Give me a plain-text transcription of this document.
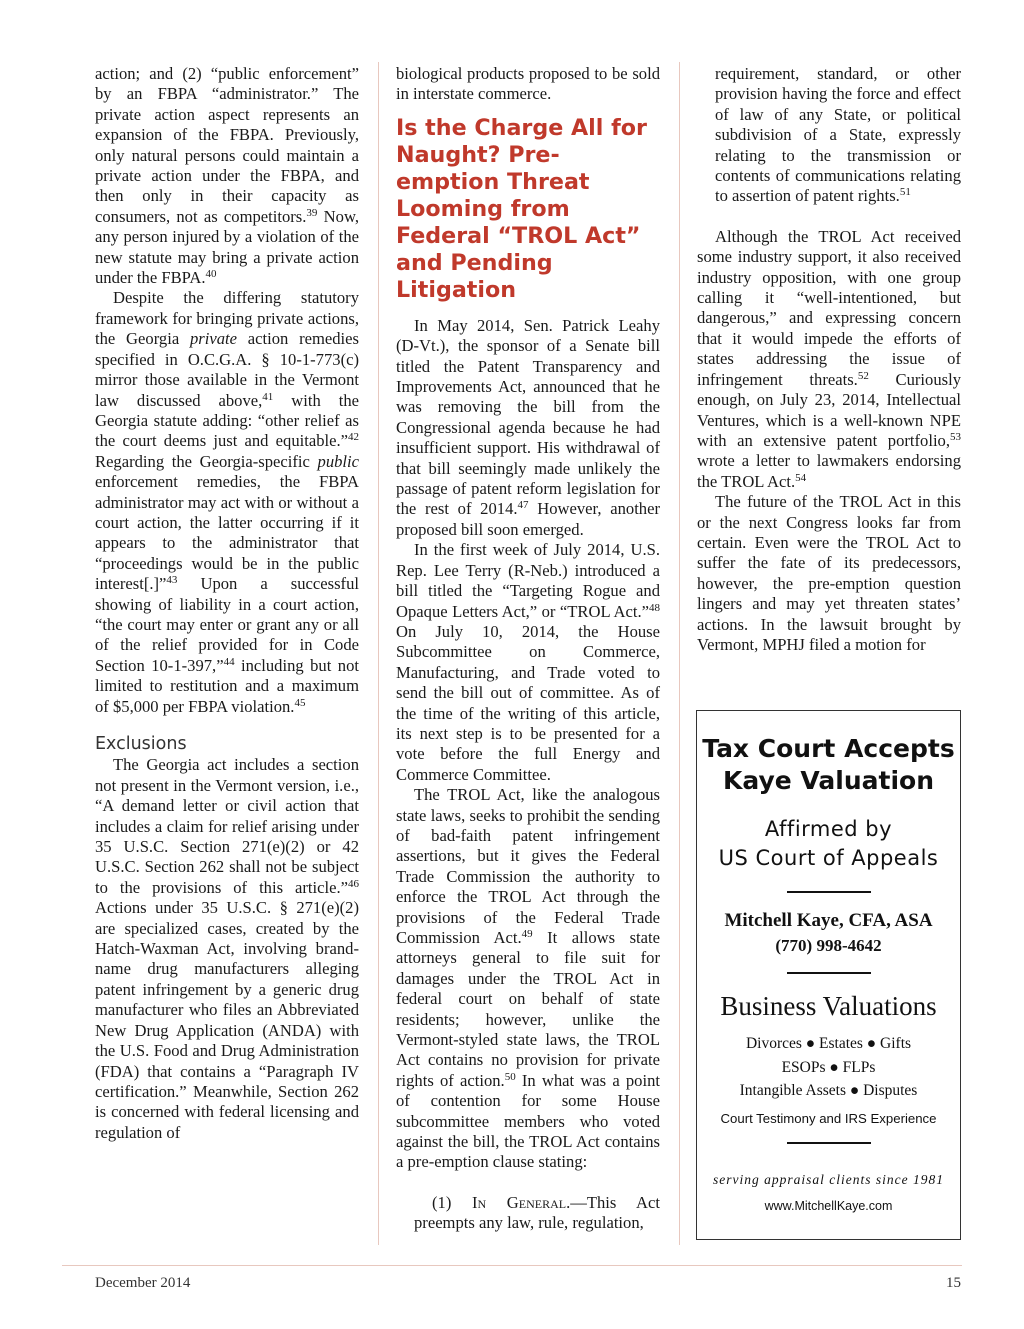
action; and (2) “public enforcement” by an FBPA “administrator.” The private action aspect represents an expansion of the FBPA. Previously, only natural persons could maintain a private action under the FBPA, and then only in their capacity as consumers, not as competitors.$^{39}$ Now, any person injured by a violation of the new statute may bring a private action under the FBPA.$^{40}$

Despite the differing statutory framework for bringing private actions, the Georgia private action remedies specified in O.C.G.A. § 10-1-773(c) mirror those available in the Vermont law discussed above,$^{41}$ with the Georgia statute adding: “other relief as the court deems just and equitable.”$^{42}$ Regarding the Georgia-specific public enforcement remedies, the FBPA administrator may act with or without a court action, the latter occurring if it appears to the administrator that “proceedings would be in the public interest[.]”$^{43}$ Upon a successful showing of liability in a court action, “the court may enter or grant any or all of the relief provided for in Code Section 10-1-397,”$^{44}$ including but not limited to restitution and a maximum of $5,000 per FBPA violation.$^{45}$

Exclusions

The Georgia act includes a section not present in the Vermont version, i.e., “A demand letter or civil action that includes a claim for relief arising under 35 U.S.C. Section 271(e)(2) or 42 U.S.C. Section 262 shall not be subject to the provisions of this article.”$^{46}$ Actions under 35 U.S.C. § 271(e)(2) are specialized cases, created by the Hatch-Waxman Act, involving brand-name drug manufacturers alleging patent infringement by a generic drug manufacturer who files an Abbreviated New Drug Application (ANDA) with the U.S. Food and Drug Administration (FDA) that contains a “Paragraph IV certification.” Meanwhile, Section 262 is concerned with federal licensing and regulation of

biological products proposed to be sold in interstate commerce.

Is the Charge All for Naught? Pre-emption Threat Looming from Federal “TROL Act” and Pending Litigation

In May 2014, Sen. Patrick Leahy (D-Vt.), the sponsor of a Senate bill titled the Patent Transparency and Improvements Act, announced that he was removing the bill from the Congressional agenda because he had insufficient support. His withdrawal of that bill seemingly made unlikely the passage of patent reform legislation for the rest of 2014.47 However, another proposed bill soon emerged.

In the first week of July 2014, U.S. Rep. Lee Terry (R-Neb.) introduced a bill titled the “Targeting Rogue and Opaque Letters Act,” or “TROL Act.”$^{48}$ On July 10, 2014, the House Subcommittee on Commerce, Manufacturing, and Trade voted to send the bill out of committee. As of the time of the writing of this article, its next step is to be presented for a vote before the full Energy and Commerce Committee.

The TROL Act, like the analogous state laws, seeks to prohibit the sending of bad-faith patent infringement assertions, but it gives the Federal Trade Commission the authority to enforce the TROL Act through the provisions of the Federal Trade Commission Act.$^{49}$ It allows state attorneys general to file suit for damages under the TROL Act in federal court on behalf of state residents; however, unlike the Vermont-styled state laws, the TROL Act contains no provision for private rights of action.$^{50}$ In what was a point of contention for some House subcommittee members who voted against the bill, the TROL Act contains a pre-emption clause stating:

(1) In General.—This Act preempts any law, rule, regulation,

requirement, standard, or other provision having the force and effect of law of any State, or political subdivision of a State, expressly relating to the transmission or contents of communications relating to assertion of patent rights.$^{51}$

Although the TROL Act received some industry support, it also received industry opposition, with one group calling it “well-intentioned, but dangerous,” and expressing concern that it would impede the efforts of states addressing the issue of infringement threats.$^{52}$ Curiously enough, on July 23, 2014, Intellectual Ventures, which is a well-known NPE with an extensive patent portfolio,$^{53}$ wrote a letter to lawmakers endorsing the TROL Act.$^{54}$

The future of the TROL Act in this or the next Congress looks far from certain. Even were the TROL Act to suffer the fate of its predecessors, however, the pre-emption question lingers and may yet threaten states’ actions. In the lawsuit brought by Vermont, MPHJ filed a motion for

Tax Court Accepts
Kaye Valuation
Affirmed by
US Court of Appeals
Mitchell Kaye, CFA, ASA
(770) 998-4642
Business Valuations
Divorces ● Estates ● Gifts
ESOPs ● FLPs
Intangible Assets ● Disputes
Court Testimony and IRS Experience
serving appraisal clients since 1981
www.MitchellKaye.com
December 2014	15
